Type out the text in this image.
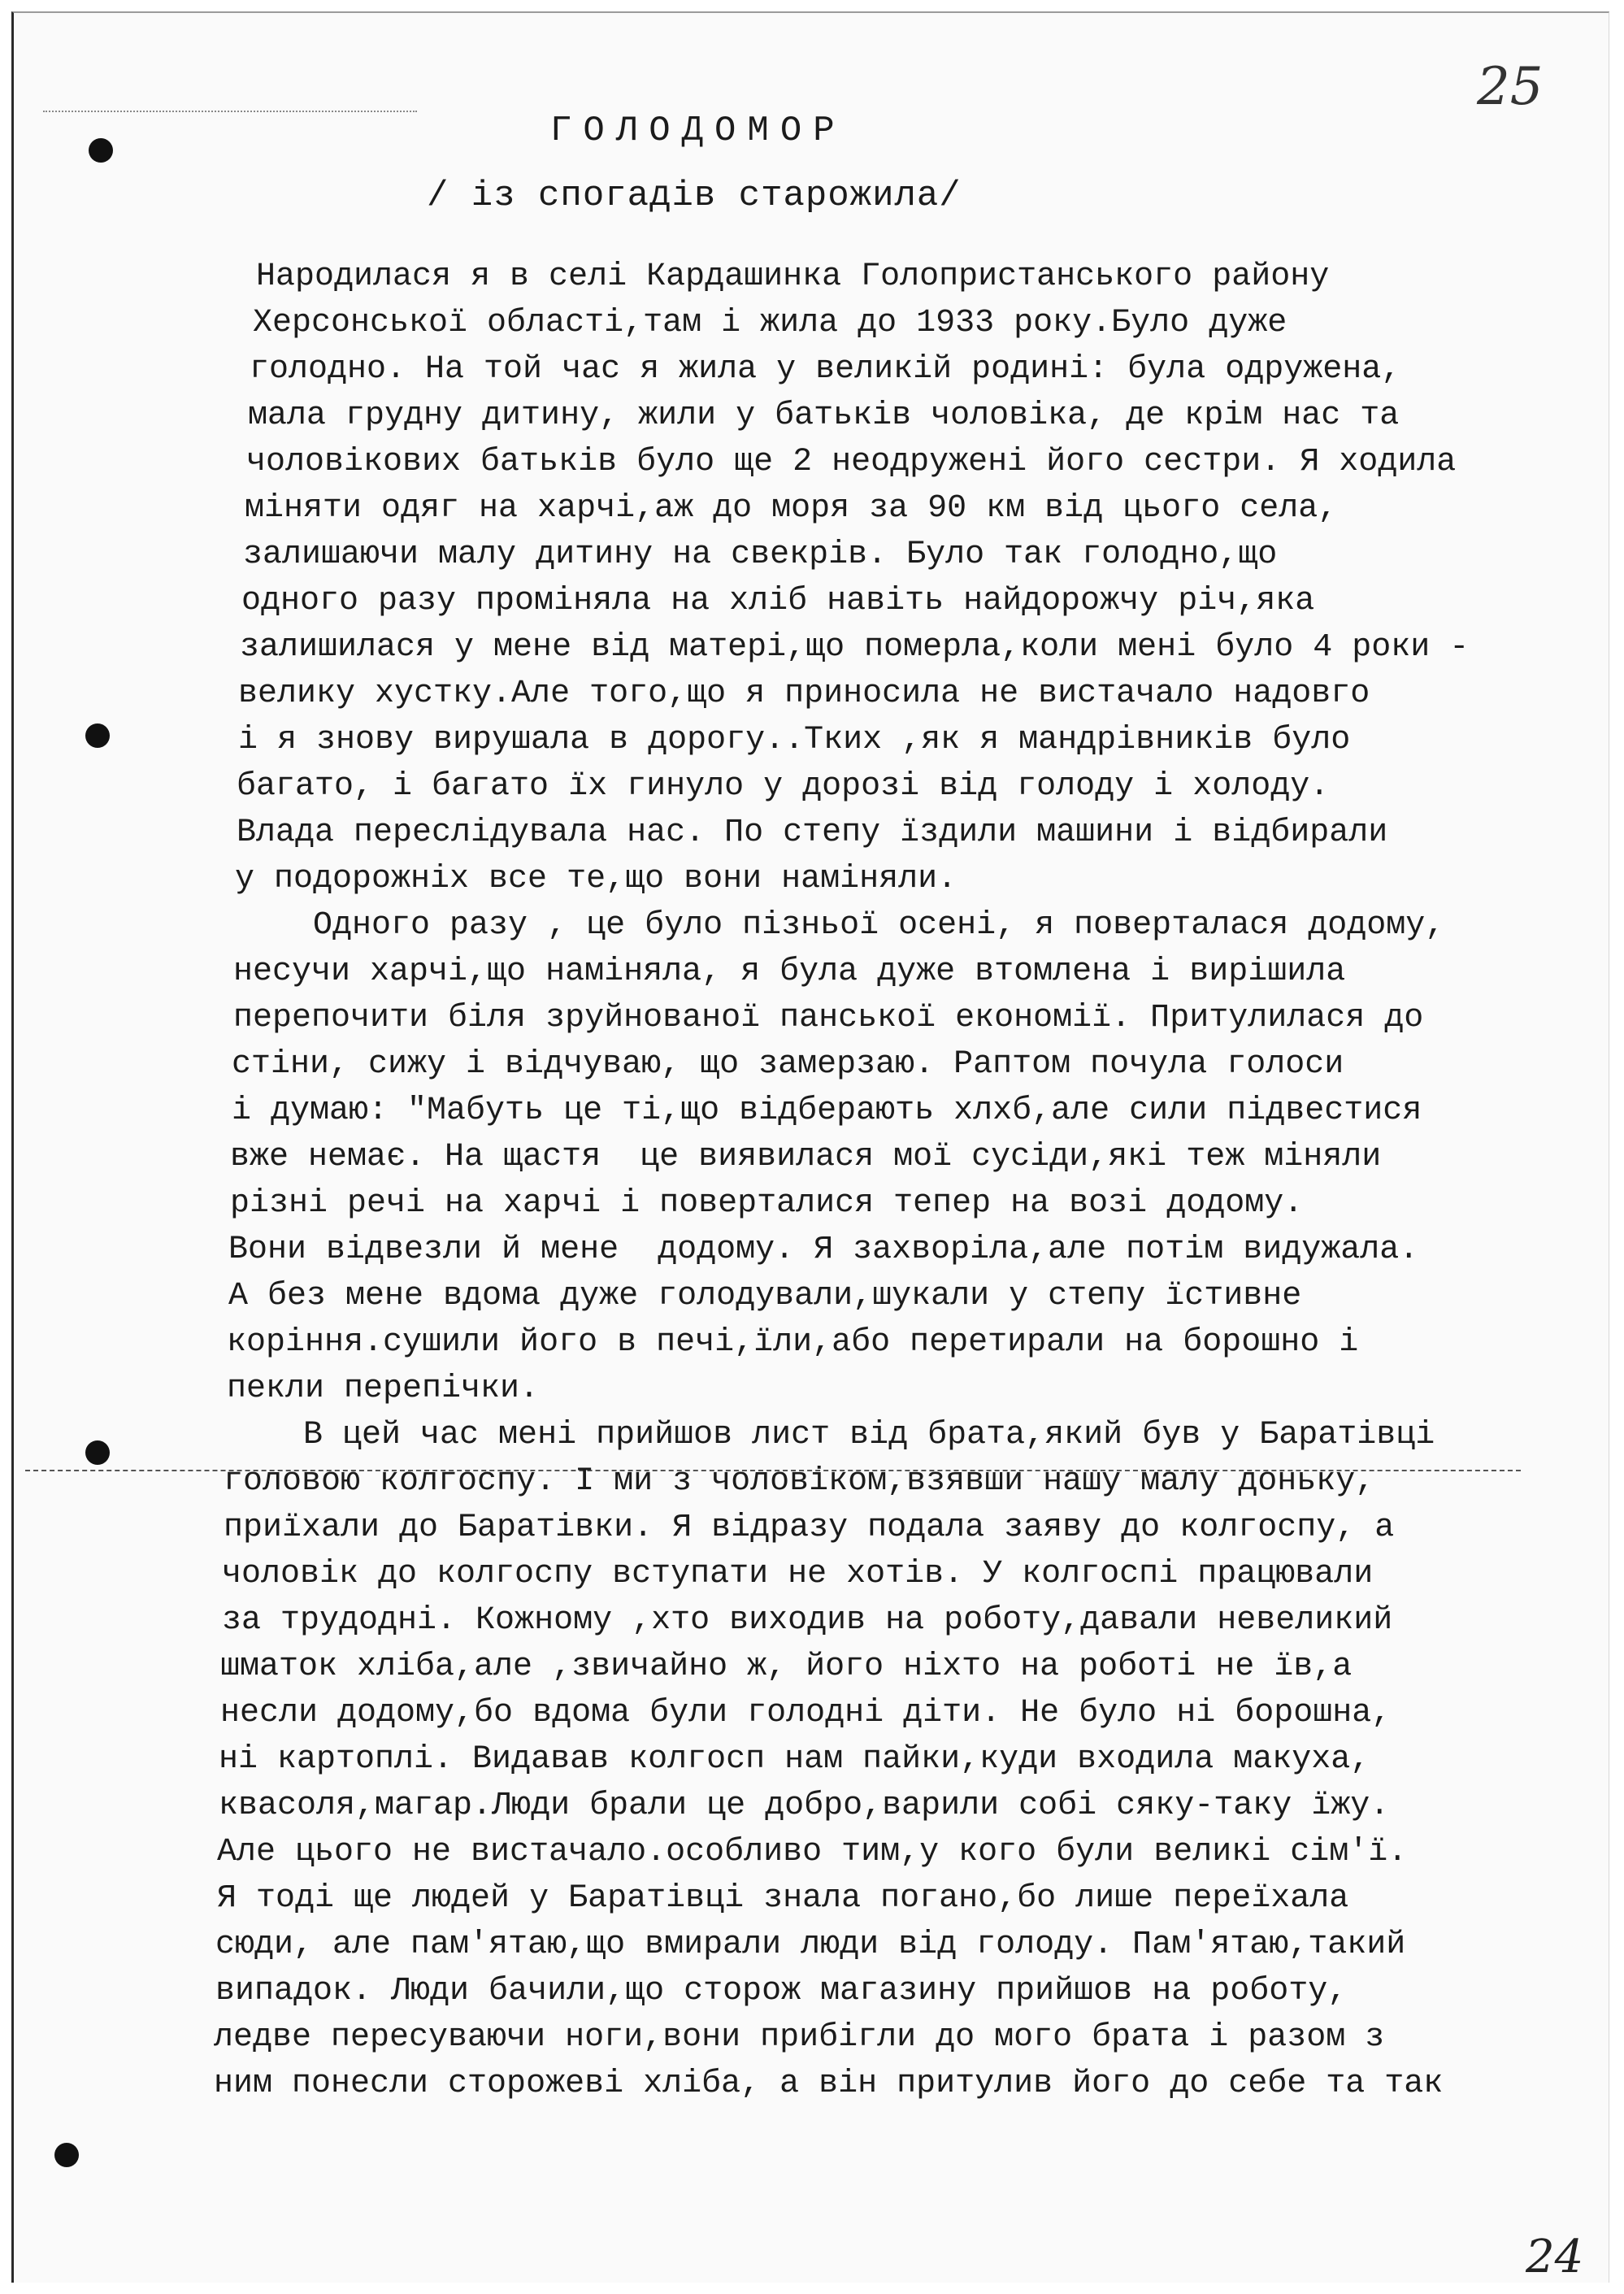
25
ГОЛОДОМОР
/ із спогадів старожила/
Народилася я в селі Кардашинка Голопристанського району
Херсонської області,там і жила до 1933 року.Було дуже
голодно. На той час я жила у великій родині: була одружена,
мала грудну дитину, жили у батьків чоловіка, де крім нас та
чоловікових батьків було ще 2 неодружені його сестри. Я ходила
міняти одяг на харчі,аж до моря за 90 км від цього села,
залишаючи малу дитину на свекрів. Було так голодно,що
одного разу проміняла на хліб навіть найдорожчу річ,яка
залишилася у мене від матері,що померла,коли мені було 4 роки -
велику хустку.Але того,що я приносила не вистачало надовго
і я знову вирушала в дорогу..Тких ,як я мандрівників було
багато, і багато їх гинуло у дорозі від голоду і холоду.
Влада переслідувала нас. По степу їздили машини і відбирали
у подорожніх все те,що вони наміняли.
Одного разу , це було пізньої осені, я поверталася додому,
несучи харчі,що наміняла, я була дуже втомлена і вирішила
перепочити біля зруйнованої панської економії. Притулилася до
стіни, сижу і відчуваю, що замерзаю. Раптом почула голоси
і думаю: "Мабуть це ті,що відберають хлхб,але сили підвестися
вже немає. На щастя  це виявилася мої сусіди,які теж міняли
різні речі на харчі і поверталися тепер на возі додому.
Вони відвезли й мене  додому. Я захворіла,але потім видужала.
А без мене вдома дуже голодували,шукали у степу їстивне
коріння.сушили його в печі,їли,або перетирали на борошно і
пекли перепічки.
В цей час мені прийшов лист від брата,який був у Баратівці
головою колгоспу. І ми з чоловіком,взявши нашу малу доньку,
приїхали до Баратівки. Я відразу подала заяву до колгоспу, а
чоловік до колгоспу вступати не хотів. У колгоспі працювали
за трудодні. Кожному ,хто виходив на роботу,давали невеликий
шматок хліба,але ,звичайно ж, його ніхто на роботі не їв,а
несли додому,бо вдома були голодні діти. Не було ні борошна,
ні картоплі. Видавав колгосп нам пайки,куди входила макуха,
квасоля,магар.Люди брали це добро,варили собі сяку-таку їжу.
Але цього не вистачало.особливо тим,у кого були великі сім'ї.
Я тоді ще людей у Баратівці знала погано,бо лише переїхала
сюди, але пам'ятаю,що вмирали люди від голоду. Пам'ятаю,такий
випадок. Люди бачили,що сторож магазину прийшов на роботу,
ледве пересуваючи ноги,вони прибігли до мого брата і разом з
ним понесли сторожеві хліба, а він притулив його до себе та так
24
